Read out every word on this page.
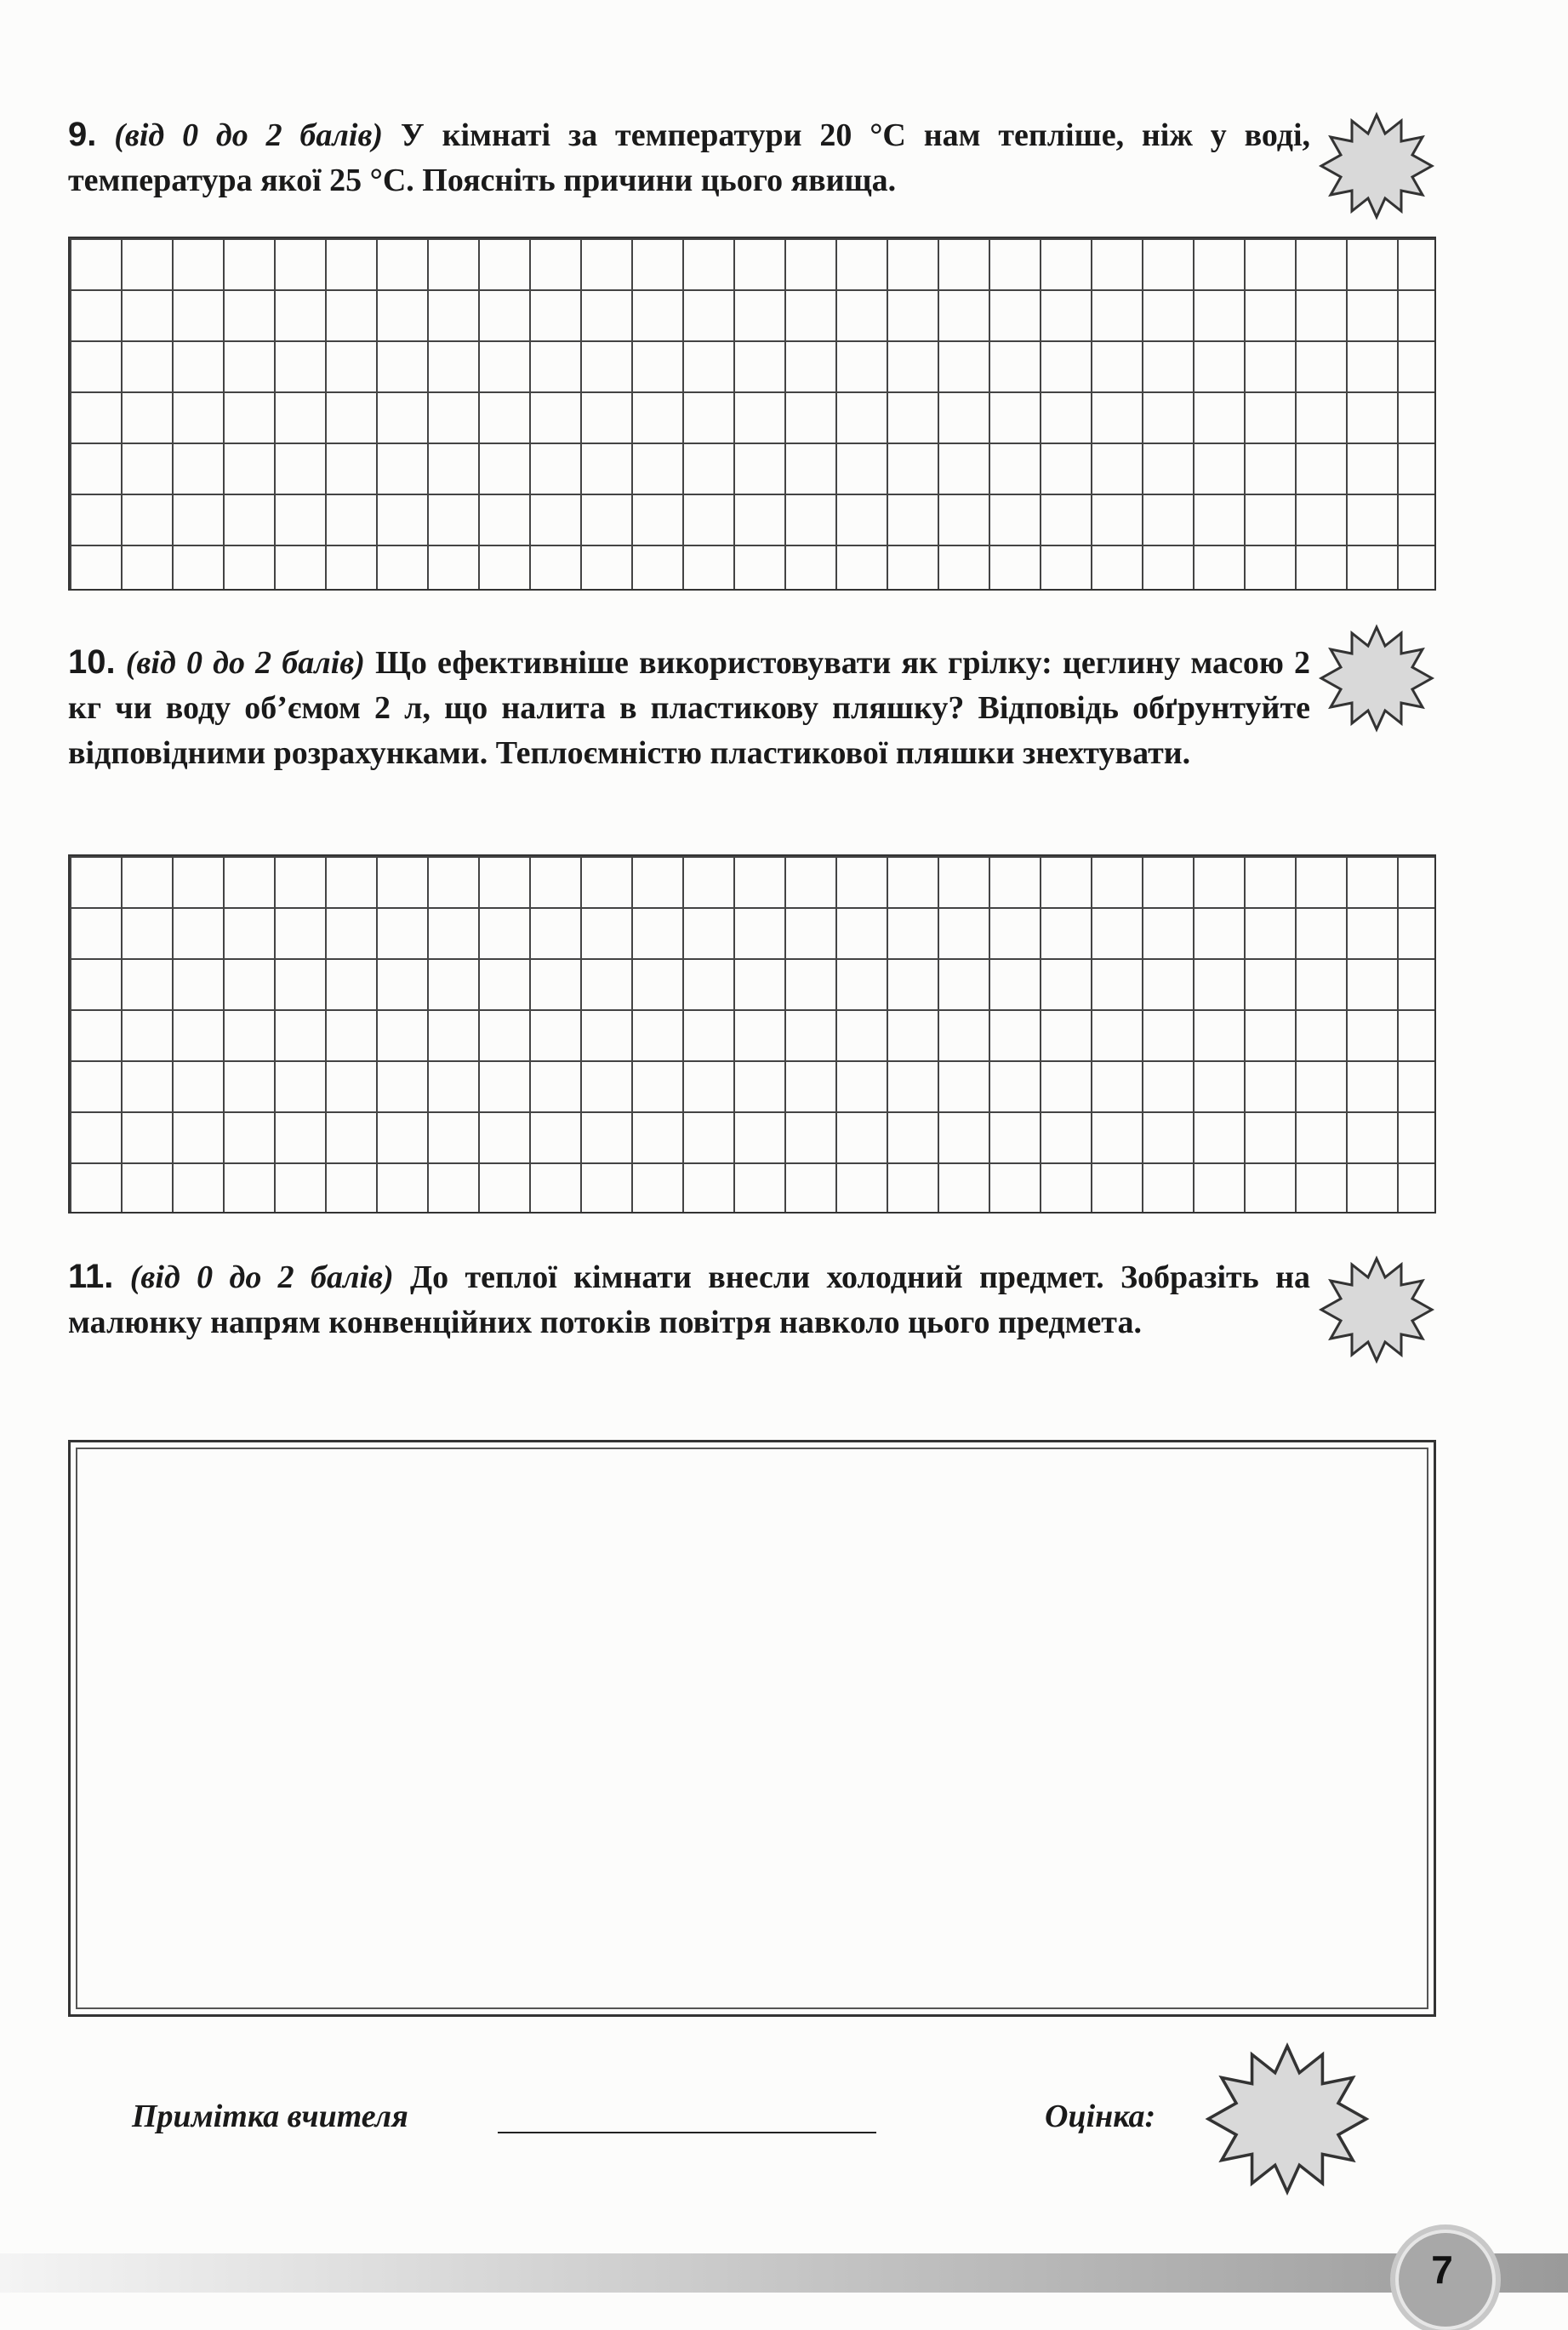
9. (від 0 до 2 балів) У кімнаті за температури 20 °С нам тепліше, ніж у воді, температура якої 25 °С. Поясніть причини цього явища.
10. (від 0 до 2 балів) Що ефективніше використовувати як грілку: цеглину масою 2 кг чи воду об’ємом 2 л, що налита в пластикову пляшку? Відповідь обґрунтуйте відповідними розрахунками. Теплоємністю пластикової пляшки знехтувати.
11. (від 0 до 2 балів) До теплої кімнати внесли холодний предмет. Зобразіть на малюнку напрям конвенційних потоків повітря навколо цього предмета.
Примітка вчителя	Оцінка:
7
